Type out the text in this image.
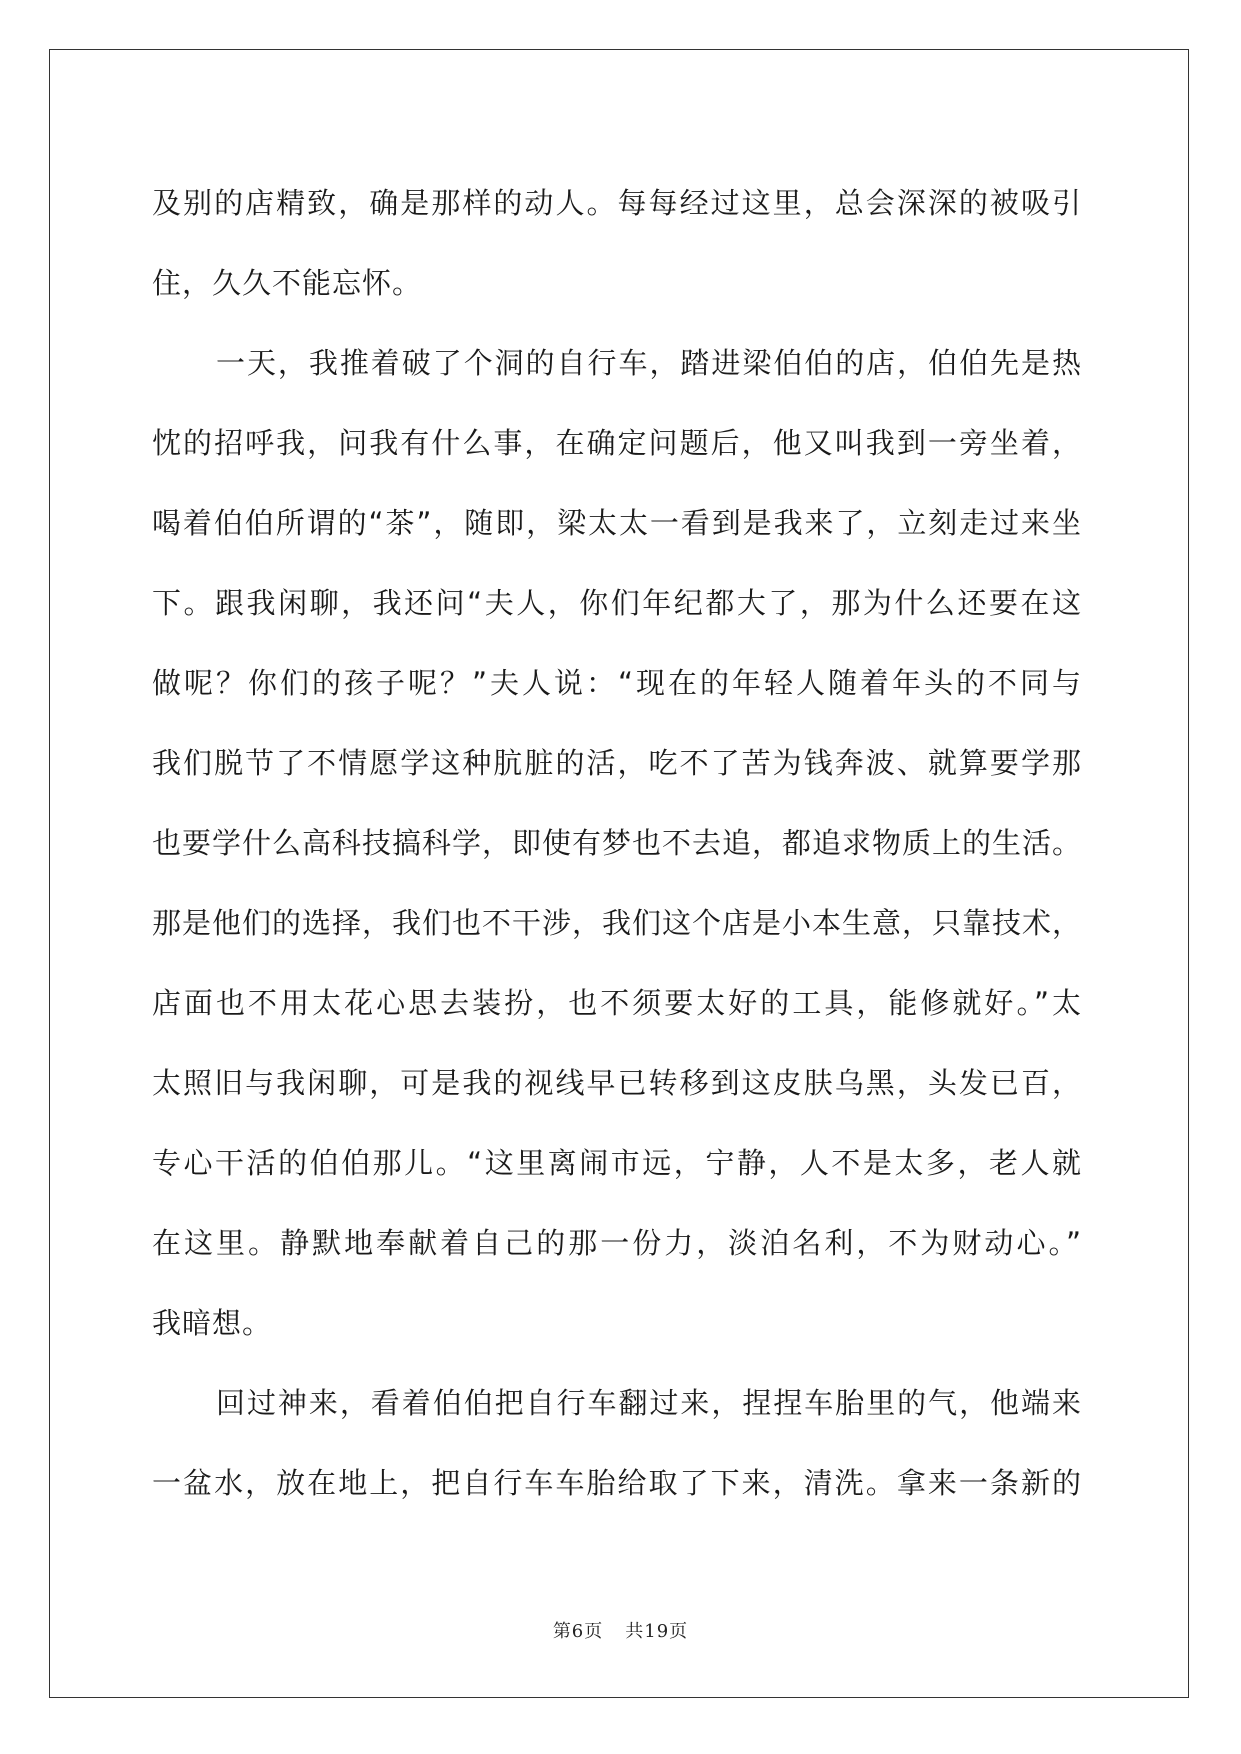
及别的店精致，确是那样的动人。每每经过这里，总会深深的被吸引
住，久久不能忘怀。
一天，我推着破了个洞的自行车，踏进梁伯伯的店，伯伯先是热
忱的招呼我，问我有什么事，在确定问题后，他又叫我到一旁坐着，
喝着伯伯所谓的“茶”，随即，梁太太一看到是我来了，立刻走过来坐
下。跟我闲聊，我还问“夫人，你们年纪都大了，那为什么还要在这
做呢？你们的孩子呢？”夫人说：“现在的年轻人随着年头的不同与
我们脱节了不情愿学这种肮脏的活，吃不了苦为钱奔波、就算要学那
也要学什么高科技搞科学，即使有梦也不去追，都追求物质上的生活。
那是他们的选择，我们也不干涉，我们这个店是小本生意，只靠技术，
店面也不用太花心思去装扮，也不须要太好的工具，能修就好。”太
太照旧与我闲聊，可是我的视线早已转移到这皮肤乌黑，头发已百，
专心干活的伯伯那儿。“这里离闹市远，宁静，人不是太多，老人就
在这里。静默地奉献着自己的那一份力，淡泊名利，不为财动心。”
我暗想。
回过神来，看着伯伯把自行车翻过来，捏捏车胎里的气，他端来
一盆水，放在地上，把自行车车胎给取了下来，清洗。拿来一条新的
第6页 共19页
